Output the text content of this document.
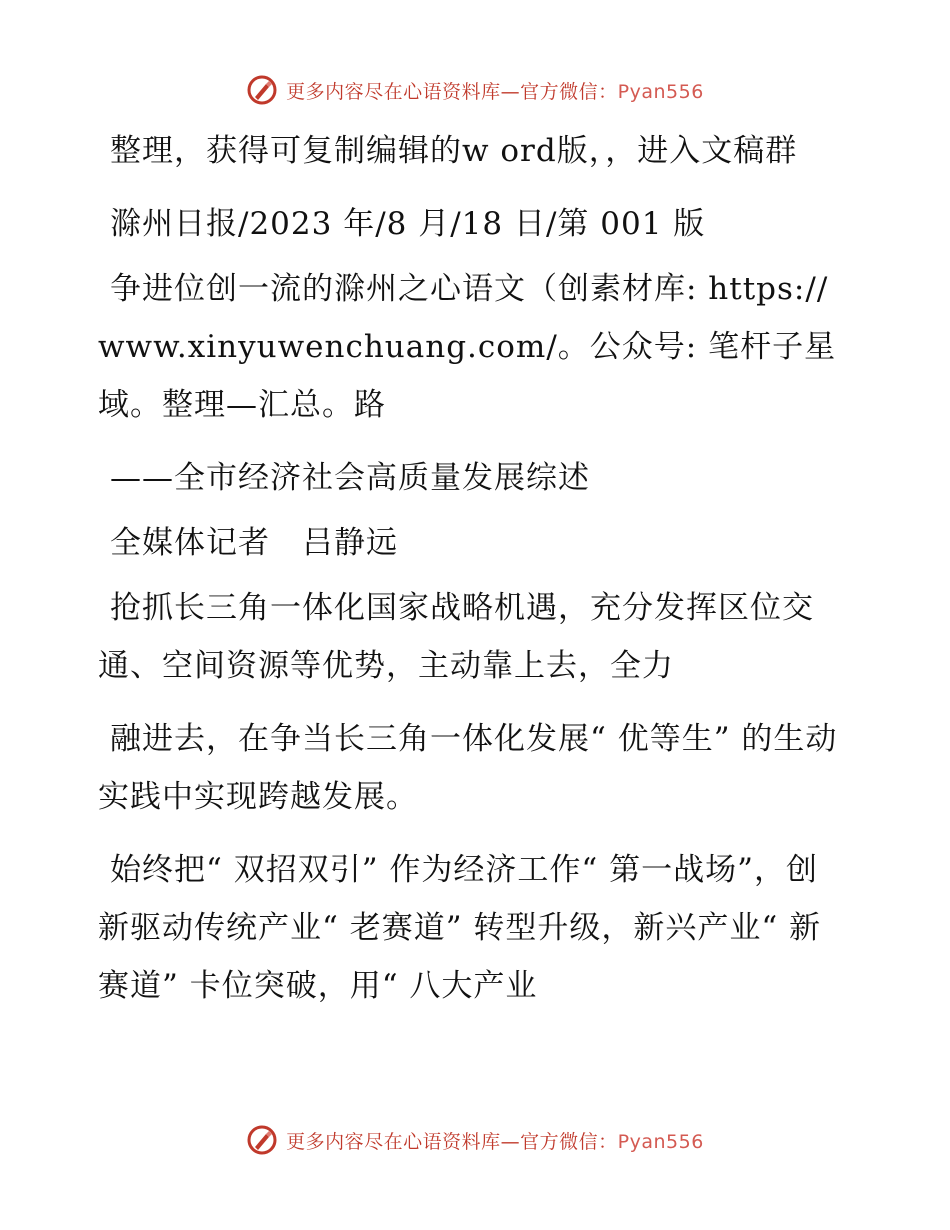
更多内容尽在心语资料库—官方微信：Pyan556

整理，获得可复制编辑的w ord版，，进入文稿群

滁州日报/2023 年/8 月/18 日/第 001 版

争进位创一流的滁州之心语文（创素材库: https://www.xinyuwenchuang.com/。公众号: 笔杆子星域。整理—汇总。路

——全市经济社会高质量发展综述

全媒体记者　吕静远

抢抓长三角一体化国家战略机遇，充分发挥区位交通、空间资源等优势，主动靠上去，全力

融进去，在争当长三角一体化发展“ 优等生” 的生动实践中实现跨越发展。

始终把“ 双招双引” 作为经济工作“ 第一战场”，创新驱动传统产业“ 老赛道” 转型升级，新兴产业“ 新赛道” 卡位突破，用“ 八大产业

更多内容尽在心语资料库—官方微信：Pyan556
